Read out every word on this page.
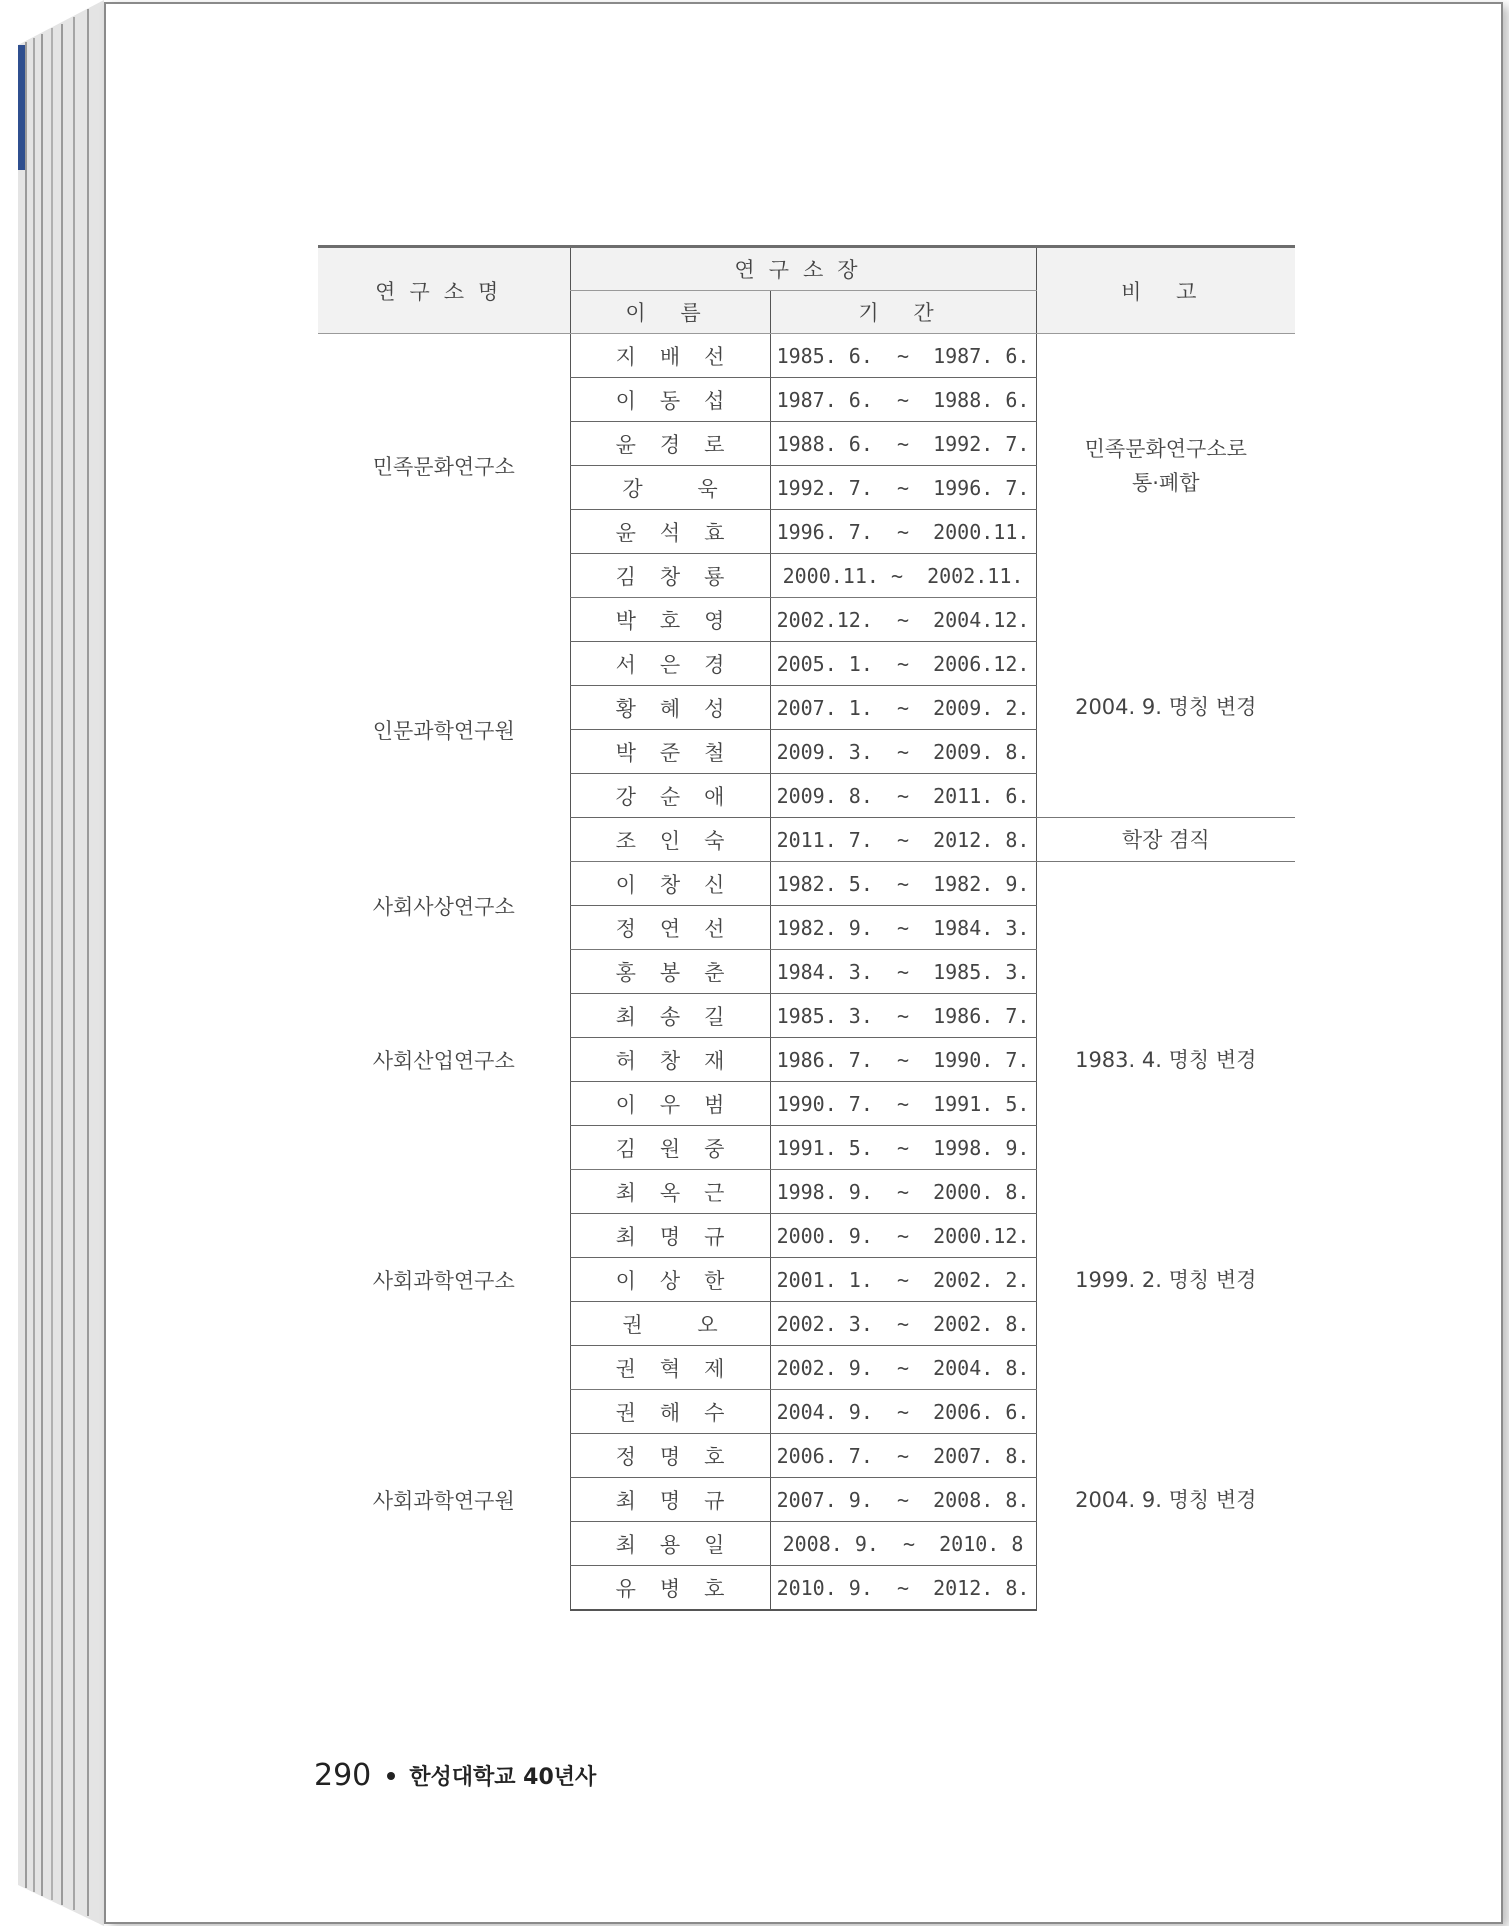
연구소명	연구소장		비 고
	이 름	기 간	
민족문화연구소	지배선	1985. 6.  ~  1987. 6.	민족문화연구소로
통·폐합
	이동섭	1987. 6.  ~  1988. 6.	
	윤경로	1988. 6.  ~  1992. 7.	
	강 욱	1992. 7.  ~  1996. 7.	
	윤석효	1996. 7.  ~  2000.11.	
	김창룡	2000.11. ~  2002.11.	
인문과학연구원	박호영	2002.12.  ~  2004.12.	2004. 9. 명칭 변경
	서은경	2005. 1.  ~  2006.12.	
	황혜성	2007. 1.  ~  2009. 2.	
	박준철	2009. 3.  ~  2009. 8.	
	강순애	2009. 8.  ~  2011. 6.	
	조인숙	2011. 7.  ~  2012. 8.	학장 겸직
사회사상연구소	이창신	1982. 5.  ~  1982. 9.	
	정연선	1982. 9.  ~  1984. 3.	
사회산업연구소	홍봉춘	1984. 3.  ~  1985. 3.	1983. 4. 명칭 변경
	최송길	1985. 3.  ~  1986. 7.	
	허창재	1986. 7.  ~  1990. 7.	
	이우범	1990. 7.  ~  1991. 5.	
	김원중	1991. 5.  ~  1998. 9.	
사회과학연구소	최옥근	1998. 9.  ~  2000. 8.	1999. 2. 명칭 변경
	최명규	2000. 9.  ~  2000.12.	
	이상한	2001. 1.  ~  2002. 2.	
	권 오	2002. 3.  ~  2002. 8.	
	권혁제	2002. 9.  ~  2004. 8.	
사회과학연구원	권해수	2004. 9.  ~  2006. 6.	2004. 9. 명칭 변경
	정명호	2006. 7.  ~  2007. 8.	
	최명규	2007. 9.  ~  2008. 8.	
	최용일	2008. 9.  ~  2010. 8	
	유병호	2010. 9.  ~  2012. 8.	
290 한성대학교 40년사
